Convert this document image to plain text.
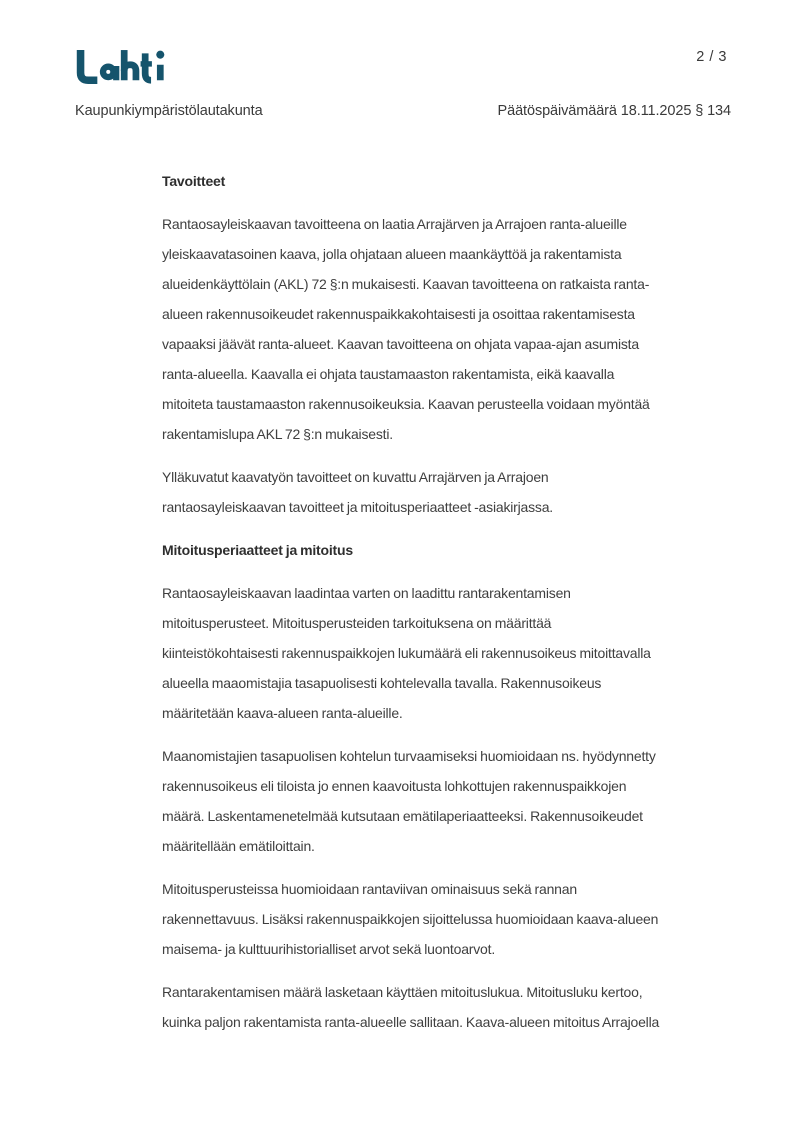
2 / 3
Kaupunkiympäristölautakunta	Päätöspäivämäärä 18.11.2025 § 134
Tavoitteet
Rantaosayleiskaavan tavoitteena on laatia Arrajärven ja Arrajoen ranta-alueille
yleiskaavatasoinen kaava, jolla ohjataan alueen maankäyttöä ja rakentamista
alueidenkäyttölain (AKL) 72 §:n mukaisesti. Kaavan tavoitteena on ratkaista ranta-
alueen rakennusoikeudet rakennuspaikkakohtaisesti ja osoittaa rakentamisesta
vapaaksi jäävät ranta-alueet. Kaavan tavoitteena on ohjata vapaa-ajan asumista
ranta-alueella. Kaavalla ei ohjata taustamaaston rakentamista, eikä kaavalla
mitoiteta taustamaaston rakennusoikeuksia. Kaavan perusteella voidaan myöntää
rakentamislupa AKL 72 §:n mukaisesti.
Ylläkuvatut kaavatyön tavoitteet on kuvattu Arrajärven ja Arrajoen
rantaosayleiskaavan tavoitteet ja mitoitusperiaatteet -asiakirjassa.
Mitoitusperiaatteet ja mitoitus
Rantaosayleiskaavan laadintaa varten on laadittu rantarakentamisen
mitoitusperusteet. Mitoitusperusteiden tarkoituksena on määrittää
kiinteistökohtaisesti rakennuspaikkojen lukumäärä eli rakennusoikeus mitoittavalla
alueella maaomistajia tasapuolisesti kohtelevalla tavalla. Rakennusoikeus
määritetään kaava-alueen ranta-alueille.
Maanomistajien tasapuolisen kohtelun turvaamiseksi huomioidaan ns. hyödynnetty
rakennusoikeus eli tiloista jo ennen kaavoitusta lohkottujen rakennuspaikkojen
määrä. Laskentamenetelmää kutsutaan emätilaperiaatteeksi. Rakennusoikeudet
määritellään emätiloittain.
Mitoitusperusteissa huomioidaan rantaviivan ominaisuus sekä rannan
rakennettavuus. Lisäksi rakennuspaikkojen sijoittelussa huomioidaan kaava-alueen
maisema- ja kulttuurihistorialliset arvot sekä luontoarvot.
Rantarakentamisen määrä lasketaan käyttäen mitoituslukua. Mitoitusluku kertoo,
kuinka paljon rakentamista ranta-alueelle sallitaan. Kaava-alueen mitoitus Arrajoella
